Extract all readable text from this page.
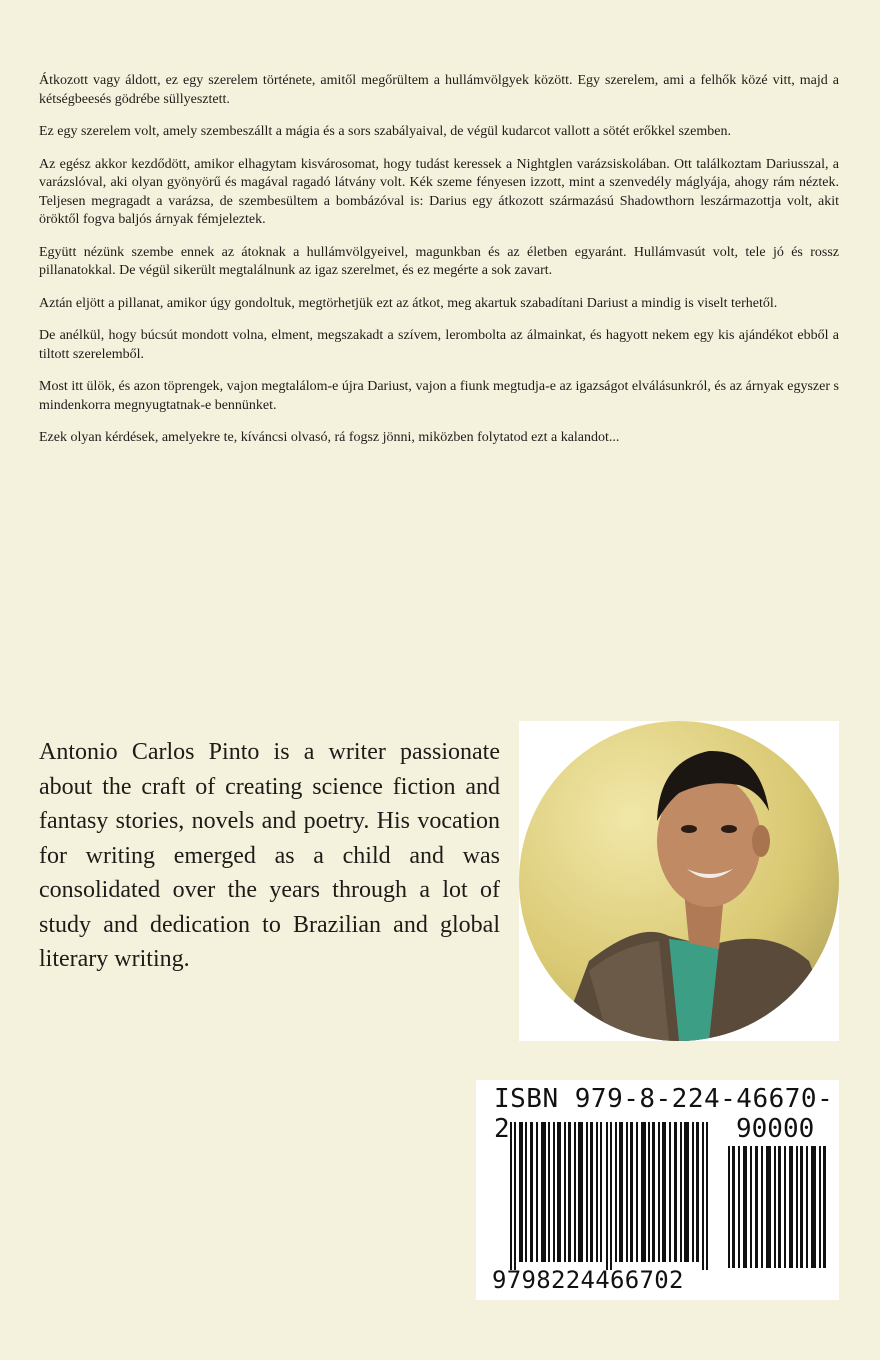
Átkozott vagy áldott, ez egy szerelem története, amitől megőrültem a hullámvölgyek között. Egy szerelem, ami a felhők közé vitt, majd a kétségbeesés gödrébe süllyesztett.

Ez egy szerelem volt, amely szembeszállt a mágia és a sors szabályaival, de végül kudarcot vallott a sötét erőkkel szemben.

Az egész akkor kezdődött, amikor elhagytam kisvárosomat, hogy tudást keressek a Nightglen varázsiskolában. Ott találkoztam Dariusszal, a varázslóval, aki olyan gyönyörű és magával ragadó látvány volt. Kék szeme fényesen izzott, mint a szenvedély máglyája, ahogy rám néztek. Teljesen megragadt a varázsa, de szembesültem a bombázóval is: Darius egy átkozott származású Shadowthorn leszármazottja volt, akit öröktől fogva baljós árnyak fémjeleztek.

Együtt nézünk szembe ennek az átoknak a hullámvölgyeivel, magunkban és az életben egyaránt. Hullámvasút volt, tele jó és rossz pillanatokkal. De végül sikerült megtalálnunk az igaz szerelmet, és ez megérte a sok zavart.

Aztán eljött a pillanat, amikor úgy gondoltuk, megtörhetjük ezt az átkot, meg akartuk szabadítani Dariust a mindig is viselt terhetől.

De anélkül, hogy búcsút mondott volna, elment, megszakadt a szívem, lerombolta az álmainkat, és hagyott nekem egy kis ajándékot ebből a tiltott szerelemből.

Most itt ülök, és azon töprengek, vajon megtalálom-e újra Dariust, vajon a fiunk megtudja-e az igazságot elválásunkról, és az árnyak egyszer s mindenkorra megnyugtatnak-e bennünket.

Ezek olyan kérdések, amelyekre te, kíváncsi olvasó, rá fogsz jönni, miközben folytatod ezt a kalandot...

Antonio Carlos Pinto is a writer passionate about the craft of creating science fiction and fantasy stories, novels and poetry. His vocation for writing emerged as a child and was consolidated over the years through a lot of study and dedication to Brazilian and global literary writing.

ISBN 979-8-224-46670-2	90000
9798224466702
